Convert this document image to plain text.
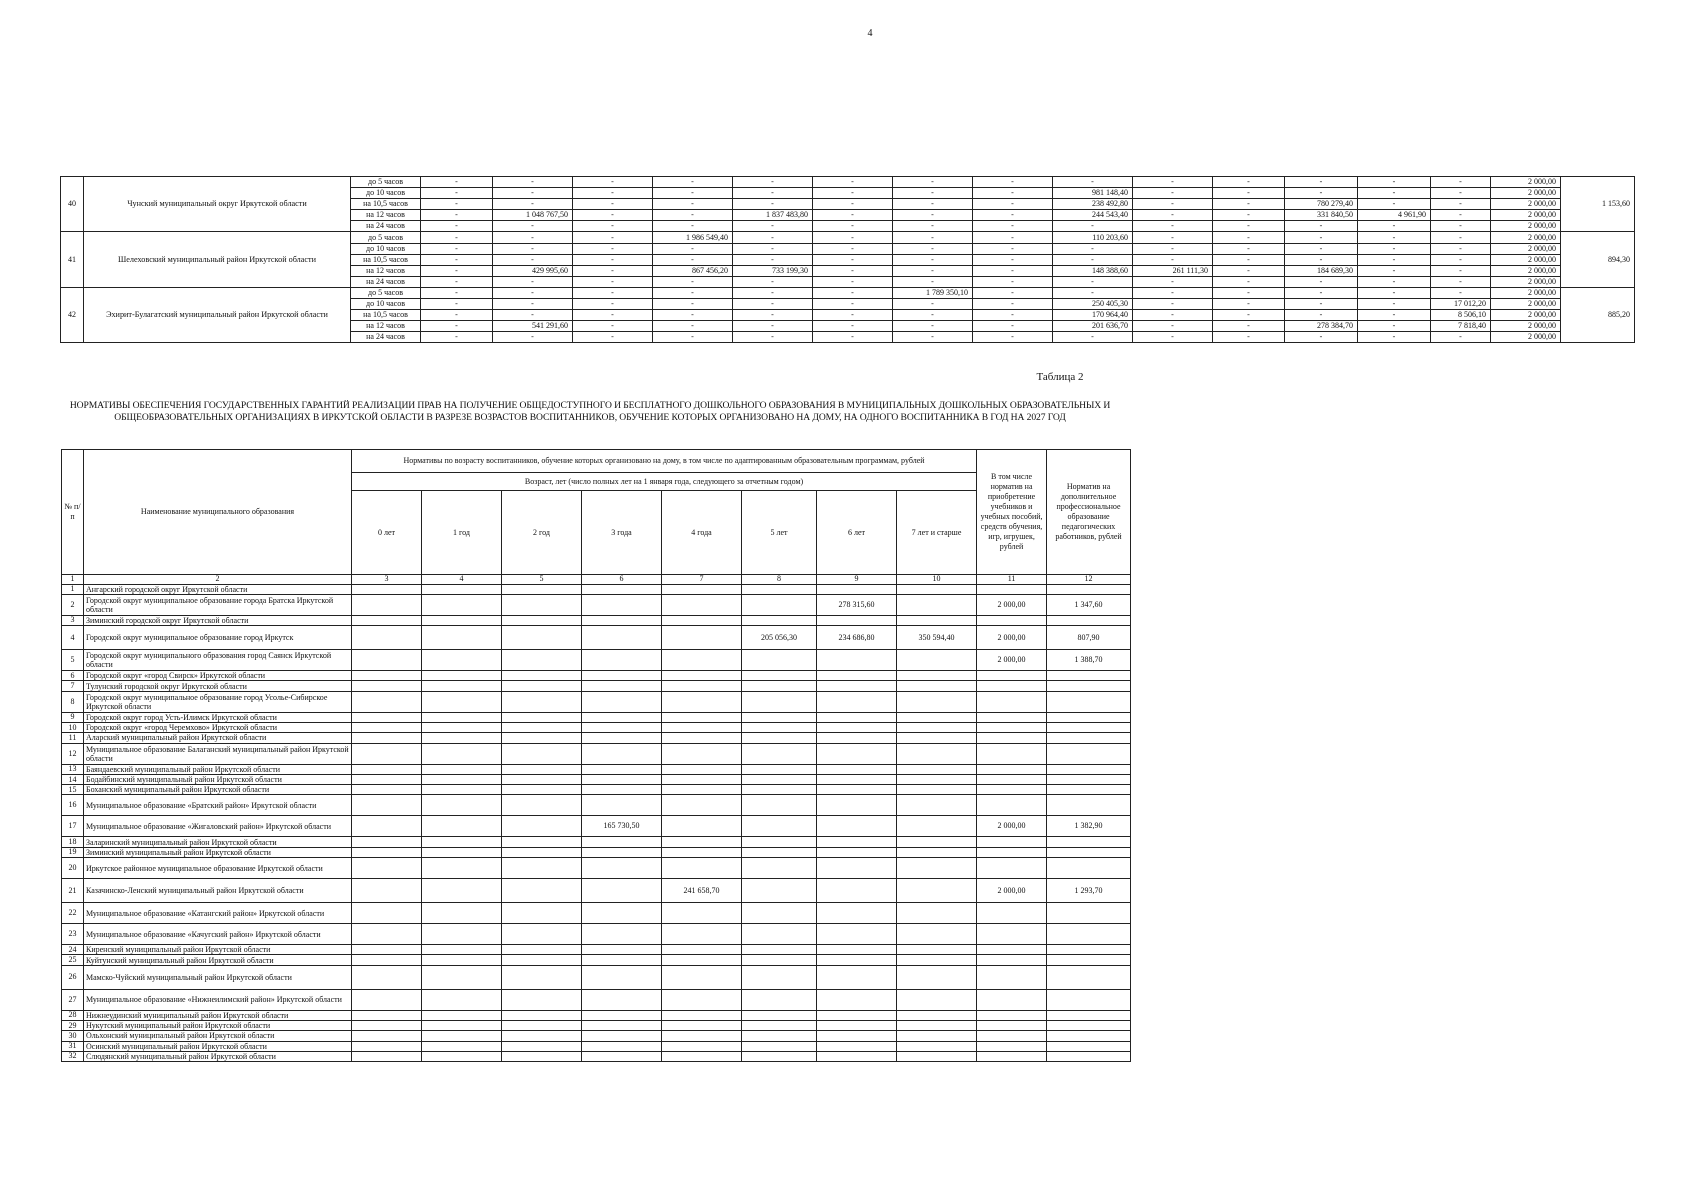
4
40	Чунский муниципальный округ Иркутской области	до 5 часов	-	-	-	-	-	-	-	-	-	-	-	-	-	-	2 000,00	1 153,60
		до 10 часов	-	-	-	-	-	-	-	-	981 148,40	-	-	-	-	-	2 000,00	
		на 10,5 часов	-	-	-	-	-	-	-	-	238 492,80	-	-	780 279,40	-	-	2 000,00	
		на 12 часов	-	1 048 767,50	-	-	1 837 483,80	-	-	-	244 543,40	-	-	331 840,50	4 961,90	-	2 000,00	
		на 24 часов	-	-	-	-	-	-	-	-	-	-	-	-	-	-	2 000,00	
41	Шелеховский муниципальный район Иркутской области	до 5 часов	-	-	-	1 986 549,40	-	-	-	-	110 203,60	-	-	-	-	-	2 000,00	894,30
		до 10 часов	-	-	-	-	-	-	-	-	-	-	-	-	-	-	2 000,00	
		на 10,5 часов	-	-	-	-	-	-	-	-	-	-	-	-	-	-	2 000,00	
		на 12 часов	-	429 995,60	-	867 456,20	733 199,30	-	-	-	148 388,60	261 111,30	-	184 689,30	-	-	2 000,00	
		на 24 часов	-	-	-	-	-	-	-	-	-	-	-	-	-	-	2 000,00	
42	Эхирит-Булагатский муниципальный район Иркутской области	до 5 часов	-	-	-	-	-	-	1 789 350,10	-	-	-	-	-	-	-	2 000,00	885,20
		до 10 часов	-	-	-	-	-	-	-	-	250 405,30	-	-	-	-	17 012,20	2 000,00	
		на 10,5 часов	-	-	-	-	-	-	-	-	170 964,40	-	-	-	-	8 506,10	2 000,00	
		на 12 часов	-	541 291,60	-	-	-	-	-	-	201 636,70	-	-	278 384,70	-	7 818,40	2 000,00	
		на 24 часов	-	-	-	-	-	-	-	-	-	-	-	-	-	-	2 000,00	
Таблица 2
НОРМАТИВЫ ОБЕСПЕЧЕНИЯ ГОСУДАРСТВЕННЫХ ГАРАНТИЙ РЕАЛИЗАЦИИ ПРАВ НА ПОЛУЧЕНИЕ ОБЩЕДОСТУПНОГО И БЕСПЛАТНОГО ДОШКОЛЬНОГО ОБРАЗОВАНИЯ В МУНИЦИПАЛЬНЫХ ДОШКОЛЬНЫХ ОБРАЗОВАТЕЛЬНЫХ И ОБЩЕОБРАЗОВАТЕЛЬНЫХ ОРГАНИЗАЦИЯХ В ИРКУТСКОЙ ОБЛАСТИ В РАЗРЕЗЕ ВОЗРАСТОВ ВОСПИТАННИКОВ, ОБУЧЕНИЕ КОТОРЫХ ОРГАНИЗОВАНО НА ДОМУ, НА ОДНОГО ВОСПИТАННИКА В ГОД НА 2027 ГОД
№ п/п	Наименование муниципального образования	Нормативы по возрасту воспитанников, обучение которых организовано на дому, в том числе по адаптированным образовательным программам, рублей								В том числе норматив на приобретение учебников и учебных пособий, средств обучения, игр, игрушек, рублей	Норматив на дополнительное профессиональное образование педагогических работников, рублей
		Возраст, лет (число полных лет на 1 января года, следующего за отчетным годом)									
		0 лет	1 год	2 год	3 года	4 года	5 лет	6 лет	7 лет и старше		
1	2	3	4	5	6	7	8	9	10	11	12
1	Ангарский городской округ Иркутской области										
2	Городской округ муниципальное образование города Братска Иркутской области							278 315,60		2 000,00	1 347,60
3	Зиминский городской округ Иркутской области										
4	Городской округ муниципальное образование город Иркутск						205 056,30	234 686,80	350 594,40	2 000,00	807,90
5	Городской округ муниципального образования город Саянск Иркутской области									2 000,00	1 388,70
6	Городской округ «город Свирск» Иркутской области										
7	Тулунский городской округ Иркутской области										
8	Городской округ муниципальное образование город Усолье-Сибирское Иркутской области										
9	Городской округ город Усть-Илимск Иркутской области										
10	Городской округ «город Черемхово» Иркутской области										
11	Аларский муниципальный район Иркутской области										
12	Муниципальное образование Балаганский муниципальный район Иркутской области										
13	Баяндаевский муниципальный район Иркутской области										
14	Бодайбинский муниципальный район Иркутской области										
15	Боханский муниципальный район Иркутской области										
16	Муниципальное образование «Братский район» Иркутской области										
17	Муниципальное образование «Жигаловский район» Иркутской области				165 730,50					2 000,00	1 382,90
18	Заларинский муниципальный район Иркутской области										
19	Зиминский муниципальный район Иркутской области										
20	Иркутское районное муниципальное образование Иркутской области										
21	Казачинско-Ленский муниципальный район Иркутской области					241 658,70				2 000,00	1 293,70
22	Муниципальное образование «Катангский район» Иркутской области										
23	Муниципальное образование «Качугский район» Иркутской области										
24	Киренский муниципальный район Иркутской области										
25	Куйтунский муниципальный район Иркутской области										
26	Мамско-Чуйский муниципальный район Иркутской области										
27	Муниципальное образование «Нижнеилимский район» Иркутской области										
28	Нижнеудинский муниципальный район Иркутской области										
29	Нукутский муниципальный район Иркутской области										
30	Ольхонский муниципальный район Иркутской области										
31	Осинский муниципальный район Иркутской области										
32	Слюдянский муниципальный район Иркутской области										
